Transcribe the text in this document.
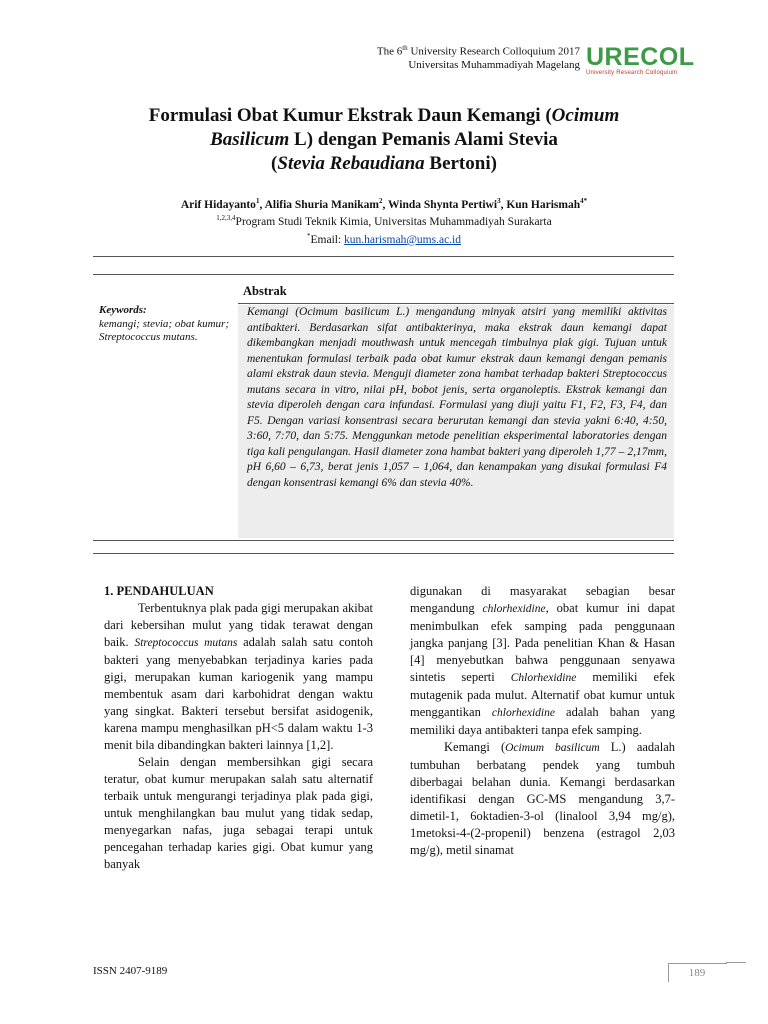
The 6th University Research Colloquium 2017
Universitas Muhammadiyah Magelang URECOL
University Research Colloquium
Formulasi Obat Kumur Ekstrak Daun Kemangi (Ocimum
Basilicum L) dengan Pemanis Alami Stevia
(Stevia Rebaudiana Bertoni)
Arif Hidayanto$^1$, Alifia Shuria Manikam$^2$, Winda Shynta Pertiwi$^3$, Kun Harismah$^{4*}$
$^{1,2,3,4}$Program Studi Teknik Kimia, Universitas Muhammadiyah Surakarta
*Email: kun.harismah@ums.ac.id
Abstrak
Kemangi (Ocimum basilicum L.) mengandung minyak atsiri yang memiliki aktivitas antibakteri. Berdasarkan sifat antibakterinya, maka ekstrak daun kemangi dapat dikembangkan menjadi mouthwash untuk mencegah timbulnya plak gigi. Tujuan untuk menentukan formulasi terbaik pada obat kumur ekstrak daun kemangi dengan pemanis alami ekstrak daun stevia. Menguji diameter zona hambat terhadap bakteri Streptococcus mutans secara in vitro, nilai pH, bobot jenis, serta organoleptis. Ekstrak kemangi dan stevia diperoleh dengan cara infundasi. Formulasi yang diuji yaitu F1, F2, F3, F4, dan F5. Dengan variasi konsentrasi secara berurutan kemangi dan stevia yakni 6:40, 4:50, 3:60, 7:70, dan 5:75. Menggunkan metode penelitian eksperimental laboratories dengan tiga kali pengulangan. Hasil diameter zona hambat bakteri yang diperoleh 1,77 – 2,17mm, pH 6,60 – 6,73, berat jenis 1,057 – 1,064, dan kenampakan yang disukai formulasi F4 dengan konsentrasi kemangi 6% dan stevia 40%.
Keywords:
kemangi; stevia; obat kumur; Streptococcus mutans.

1. PENDAHULUAN

Terbentuknya plak pada gigi merupakan akibat dari kebersihan mulut yang tidak terawat dengan baik. Streptococcus mutans adalah salah satu contoh bakteri yang menyebabkan terjadinya karies pada gigi, merupakan kuman kariogenik yang mampu membentuk asam dari karbohidrat dengan waktu yang singkat. Bakteri tersebut bersifat asidogenik, karena mampu menghasilkan pH<5 dalam waktu 1-3 menit bila dibandingkan bakteri lainnya [1,2].

Selain dengan membersihkan gigi secara teratur, obat kumur merupakan salah satu alternatif terbaik untuk mengurangi terjadinya plak pada gigi, untuk menghilangkan bau mulut yang tidak sedap, menyegarkan nafas, juga sebagai terapi untuk pencegahan terhadap karies gigi. Obat kumur yang banyak

digunakan di masyarakat sebagian besar mengandung chlorhexidine, obat kumur ini dapat menimbulkan efek samping pada penggunaan jangka panjang [3]. Pada penelitian Khan & Hasan [4] menyebutkan bahwa penggunaan senyawa sintetis seperti Chlorhexidine memiliki efek mutagenik pada mulut. Alternatif obat kumur untuk menggantikan chlorhexidine adalah bahan yang memiliki daya antibakteri tanpa efek samping.

Kemangi (Ocimum basilicum L.) aadalah tumbuhan berbatang pendek yang tumbuh diberbagai belahan dunia. Kemangi berdasarkan identifikasi dengan GC-MS mengandung 3,7-dimetil-1, 6oktadien-3-ol (linalool 3,94 mg/g), 1metoksi-4-(2-propenil) benzena (estragol 2,03 mg/g), metil sinamat

ISSN 2407-9189	189
